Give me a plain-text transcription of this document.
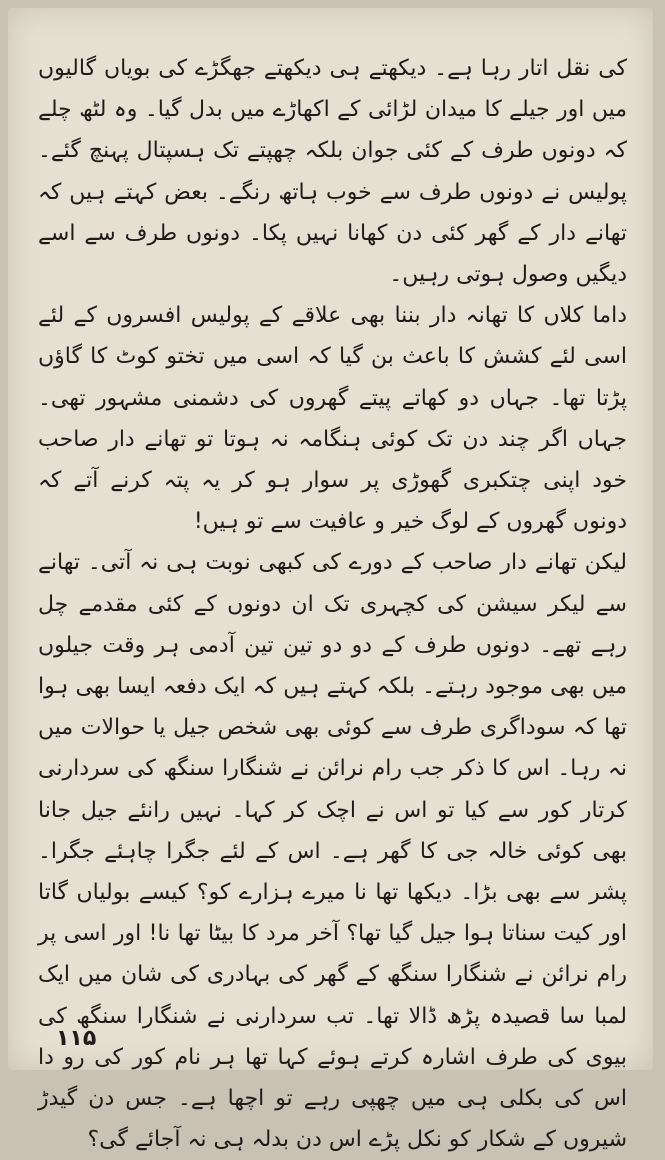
کی نقل اتار رہا ہے۔ دیکھتے ہی دیکھتے جھگڑے کی بویاں گالیوں میں اور جیلے کا میدان لڑائی کے اکھاڑے میں بدل گیا۔ وہ لٹھ چلے کہ دونوں طرف کے کئی جوان بلکہ چھپتے تک ہسپتال پہنچ گئے۔ پولیس نے دونوں طرف سے خوب ہاتھ رنگے۔ بعض کہتے ہیں کہ تھانے دار کے گھر کئی دن کھانا نہیں پکا۔ دونوں طرف سے اسے دیگیں وصول ہوتی رہیں۔

داما کلاں کا تھانہ دار بننا بھی علاقے کے پولیس افسروں کے لئے اسی لئے کشش کا باعث بن گیا کہ اسی میں تختو کوٹ کا گاؤں پڑتا تھا۔ جہاں دو کھاتے پیتے گھروں کی دشمنی مشہور تھی۔ جہاں اگر چند دن تک کوئی ہنگامہ نہ ہوتا تو تھانے دار صاحب خود اپنی چتکبری گھوڑی پر سوار ہو کر یہ پتہ کرنے آتے کہ دونوں گھروں کے لوگ خیر و عافیت سے تو ہیں!

لیکن تھانے دار صاحب کے دورے کی کبھی نوبت ہی نہ آتی۔ تھانے سے لیکر سیشن کی کچہری تک ان دونوں کے کئی مقدمے چل رہے تھے۔ دونوں طرف کے دو دو تین تین آدمی ہر وقت جیلوں میں بھی موجود رہتے۔ بلکہ کہتے ہیں کہ ایک دفعہ ایسا بھی ہوا تھا کہ سوداگری طرف سے کوئی بھی شخص جیل یا حوالات میں نہ رہا۔ اس کا ذکر جب رام نرائن نے شنگارا سنگھ کی سردارنی کرتار کور سے کیا تو اس نے اچک کر کہا۔ نہیں رانئے جیل جانا بھی کوئی خالہ جی کا گھر ہے۔ اس کے لئے جگرا چاہئے جگرا۔ پشر سے بھی بڑا۔ دیکھا تھا نا میرے ہزارے کو؟ کیسے بولیاں گاتا اور کیت سناتا ہوا جیل گیا تھا؟ آخر مرد کا بیٹا تھا نا! اور اسی پر رام نرائن نے شنگارا سنگھ کے گھر کی بہادری کی شان میں ایک لمبا سا قصیدہ پڑھ ڈالا تھا۔ تب سردارنی نے شنگارا سنگھ کی بیوی کی طرف اشارہ کرتے ہوئے کہا تھا ہر نام کور کی رو دا اس کی بکلی ہی میں چھپی رہے تو اچھا ہے۔ جس دن گیدڑ شیروں کے شکار کو نکل پڑے اس دن بدلہ ہی نہ آجائے گی؟

۱۱۵
